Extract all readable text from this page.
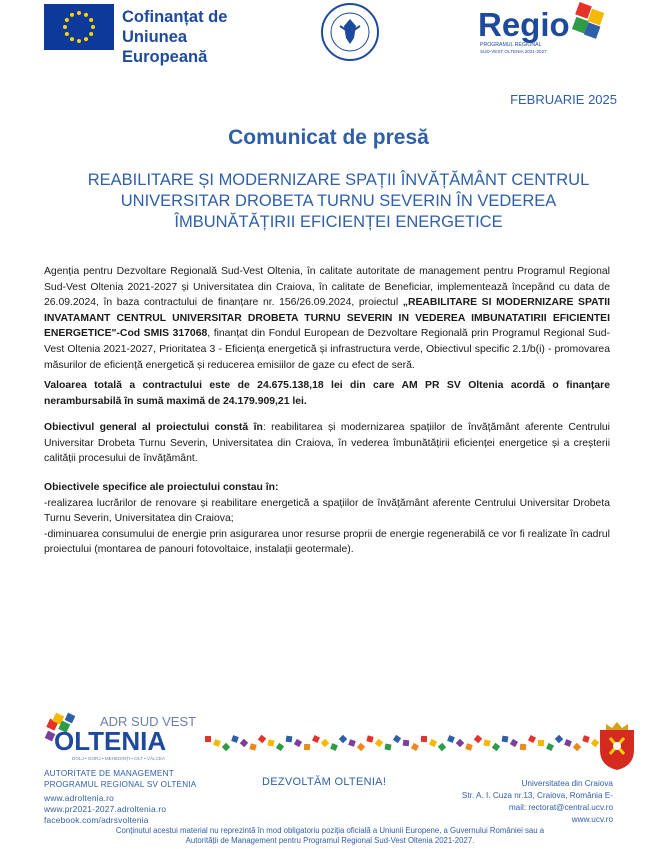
Cofinanțat de Uniunea Europeană
Regio
PROGRAMUL REGIONAL
SUD-VEST OLTENIA 2021-2027
FEBRUARIE 2025
Comunicat de presă
REABILITARE ȘI MODERNIZARE SPAȚII ÎNVĂȚĂMÂNT CENTRUL UNIVERSITAR DROBETA TURNU SEVERIN ÎN VEDEREA ÎMBUNĂTĂȚIRII EFICIENȚEI ENERGETICE
Agenția pentru Dezvoltare Regională Sud-Vest Oltenia, în calitate autoritate de management pentru Programul Regional Sud-Vest Oltenia 2021-2027 și Universitatea din Craiova, în calitate de Beneficiar, implementează începând cu data de 26.09.2024, în baza contractului de finanțare nr. 156/26.09.2024, proiectul „REABILITARE SI MODERNIZARE SPATII INVATAMANT CENTRUL UNIVERSITAR DROBETA TURNU SEVERIN IN VEDEREA IMBUNATATIRII EFICIENTEI ENERGETICE"-Cod SMIS 317068, finanțat din Fondul European de Dezvoltare Regională prin Programul Regional Sud-Vest Oltenia 2021-2027, Prioritatea 3 - Eficiența energetică și infrastructura verde, Obiectivul specific 2.1/b(i) - promovarea măsurilor de eficiență energetică și reducerea emisiilor de gaze cu efect de seră.
Valoarea totală a contractului este de 24.675.138,18 lei din care AM PR SV Oltenia acordă o finanțare nerambursabilă în sumă maximă de 24.179.909,21 lei.
Obiectivul general al proiectului constă în: reabilitarea și modernizarea spațiilor de învățământ aferente Centrului Universitar Drobeta Turnu Severin, Universitatea din Craiova, în vederea îmbunătățirii eficienței energetice și a creșterii calității procesului de învățământ.
Obiectivele specifice ale proiectului constau în:
-realizarea lucrărilor de renovare și reabilitare energetică a spațiilor de învățământ aferente Centrului Universitar Drobeta Turnu Severin, Universitatea din Craiova;
-diminuarea consumului de energie prin asigurarea unor resurse proprii de energie regenerabilă ce vor fi realizate în cadrul proiectului (montarea de panouri fotovoltaice, instalații geotermale).
ADR SUD VEST
OLTENIA
DOLJ • GORJ • MEHEDINȚI • OLT • VÂLCEA
AUTORITATE DE MANAGEMENT
PROGRAMUL REGIONAL SV OLTENIA
www.adroltenia.ro
www.pr2021-2027.adroltenia.ro
facebook.com/adrsvoltenia
DEZVOLTĂM OLTENIA!	Universitatea din Craiova
Str. A. I. Cuza nr.13, Craiova, România E-
mail: rectorat@central.ucv.ro
www.ucv.ro
Conținutul acestui material nu reprezintă în mod obligatoriu poziția oficială a Uniunii Europene, a Guvernului României sau a Autorității de Management pentru Programul Regional Sud-Vest Oltenia 2021-2027.
